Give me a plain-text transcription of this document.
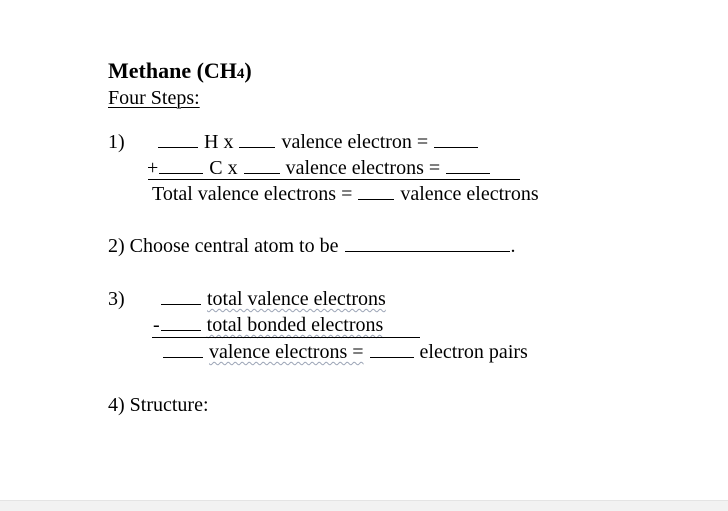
Methane (CH4)
Four Steps:
1)	H x valence electron =
+	C x valence electrons =
Total valence electrons = valence electrons
2) Choose central atom to be	.
3)	total valence electrons
- total bonded electrons
valence electrons =	electron pairs
4) Structure:
